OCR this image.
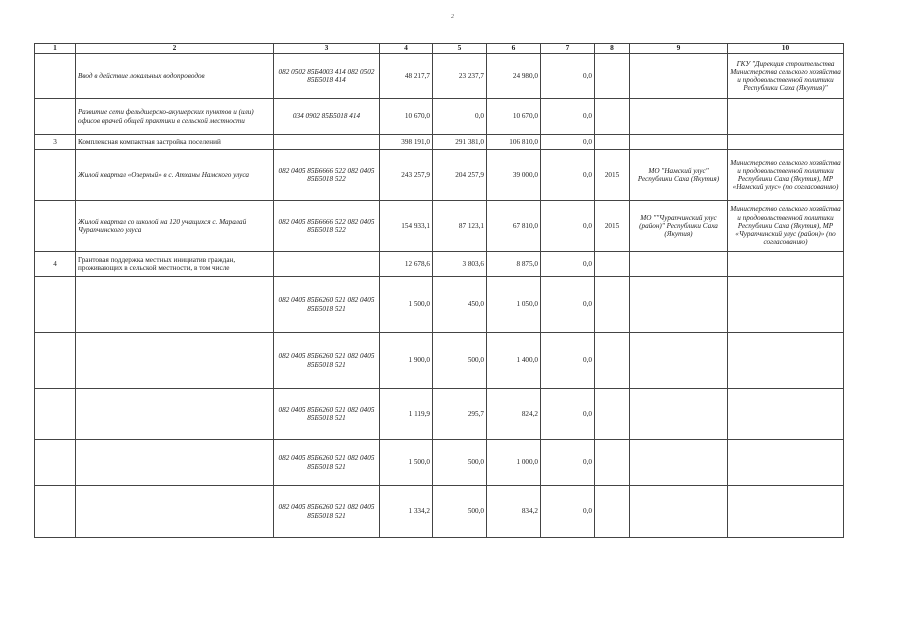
2
1	2	3	4	5	6	7	8	9	10
	Ввод в действие локальных водопроводов	082 0502 85Б4003 414 082 0502 85Б5018 414	48 217,7	23 237,7	24 980,0	0,0			ГКУ "Дирекция строительства Министерства сельского хозяйства и продовольственной политики Республики Саха (Якутия)"
	Развитие сети фельдшерско-акушерских пунктов и (или) офисов врачей общей практики в сельской местности	034 0902 85Б5018 414	10 670,0	0,0	10 670,0	0,0			
3	Комплексная компактная застройка поселений		398 191,0	291 381,0	106 810,0	0,0			
	Жилой квартал «Озерный» в с. Атханы Намского улуса	082 0405 85Б6666 522 082 0405 85Б5018 522	243 257,9	204 257,9	39 000,0	0,0	2015	МО "Намский улус" Республики Саха (Якутия)	Министерство сельского хозяйства и продовольственной политики Республики Саха (Якутия), МР «Намский улус» (по согласованию)
	Жилой квартал со школой на 120 учащихся с. Маралай Чурапчинского улуса	082 0405 85Б6666 522 082 0405 85Б5018 522	154 933,1	87 123,1	67 810,0	0,0	2015	МО ""Чурапчинский улус (район)" Республики Саха (Якутия)	Министерство сельского хозяйства и продовольственной политики Республики Саха (Якутия), МР «Чурапчинский улус (район)» (по согласованию)
4	Грантовая поддержка местных инициатив граждан, проживающих в сельской местности, в том числе		12 678,6	3 803,6	8 875,0	0,0			
		082 0405 85Б6260 521 082 0405 85Б5018 521	1 500,0	450,0	1 050,0	0,0			
		082 0405 85Б6260 521 082 0405 85Б5018 521	1 900,0	500,0	1 400,0	0,0			
		082 0405 85Б6260 521 082 0405 85Б5018 521	1 119,9	295,7	824,2	0,0			
		082 0405 85Б6260 521 082 0405 85Б5018 521	1 500,0	500,0	1 000,0	0,0			
		082 0405 85Б6260 521 082 0405 85Б5018 521	1 334,2	500,0	834,2	0,0			
